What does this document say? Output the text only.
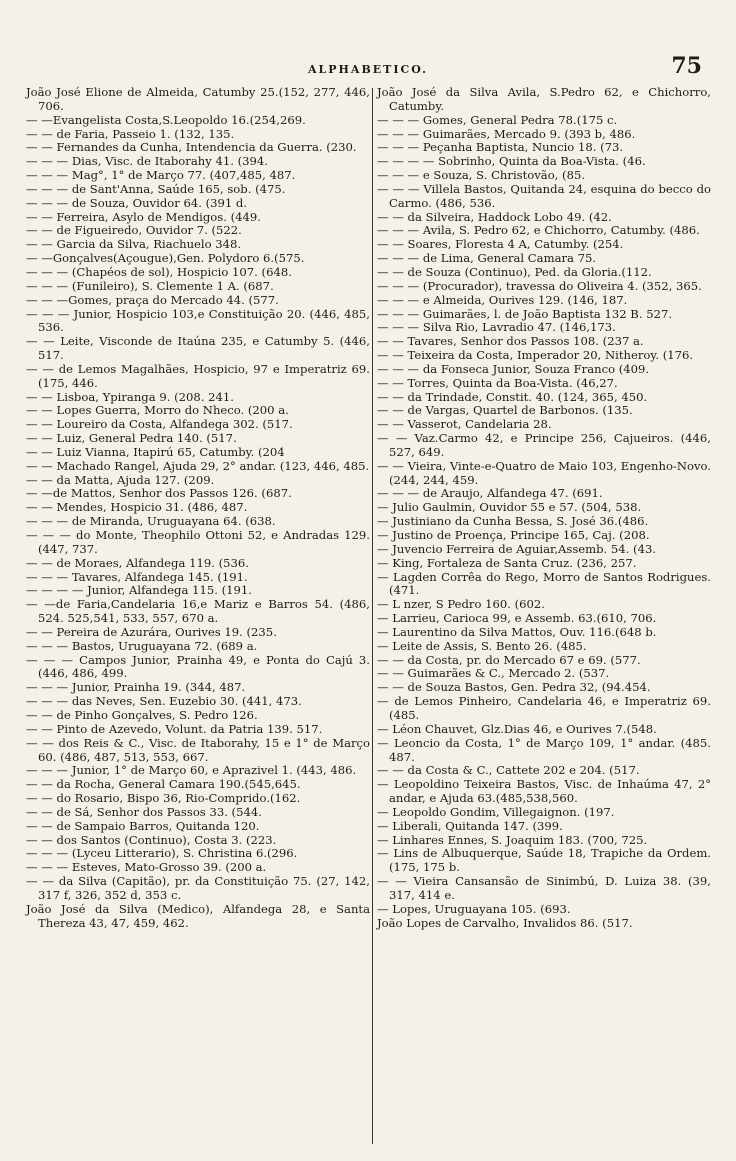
ALPHABETICO.	75
João José Elione de Almeida, Catumby 25.(152, 277, 446, 706.
— —Evangelista Costa,S.Leopoldo 16.(254,269.
— — de Faria, Passeio 1. (132, 135.
— — Fernandes da Cunha, Intendencia da Guerra. (230.
— — — Dias, Visc. de Itaborahy 41. (394.
— — — Mag°, 1° de Março 77. (407,485, 487.
— — — de Sant'Anna, Saúde 165, sob. (475.
— — — de Souza, Ouvidor 64. (391 d.
— — Ferreira, Asylo de Mendigos. (449.
— — de Figueiredo, Ouvidor 7. (522.
— — Garcia da Silva, Riachuelo 348.
— —Gonçalves(Açougue),Gen. Polydoro 6.(575.
— — — (Chapéos de sol), Hospicio 107. (648.
— — — (Funileiro), S. Clemente 1 A. (687.
— — —Gomes, praça do Mercado 44. (577.
— — — Junior, Hospicio 103,e Constituição 20. (446, 485, 536.
— — Leite, Visconde de Itaúna 235, e Catumby 5. (446, 517.
— — de Lemos Magalhães, Hospicio, 97 e Imperatriz 69. (175, 446.
— — Lisboa, Ypiranga 9. (208. 241.
— — Lopes Guerra, Morro do Nheco. (200 a.
— — Loureiro da Costa, Alfandega 302. (517.
— — Luiz, General Pedra 140. (517.
— — Luiz Vianna, Itapirú 65, Catumby. (204
— — Machado Rangel, Ajuda 29, 2° andar. (123, 446, 485.
— — da Matta, Ajuda 127. (209.
— —de Mattos, Senhor dos Passos 126. (687.
— — Mendes, Hospicio 31. (486, 487.
— — — de Miranda, Uruguayana 64. (638.
— — — do Monte, Theophilo Ottoni 52, e Andradas 129. (447, 737.
— — de Moraes, Alfandega 119. (536.
— — — Tavares, Alfandega 145. (191.
— — — — Junior, Alfandega 115. (191.
— —de Faria,Candelaria 16,e Mariz e Barros 54. (486, 524. 525,541, 533, 557, 670 a.
— — Pereira de Azurára, Ourives 19. (235.
— — — Bastos, Uruguayana 72. (689 a.
— — — Campos Junior, Prainha 49, e Ponta do Cajú 3. (446, 486, 499.
— — — Junior, Prainha 19. (344, 487.
— — — das Neves, Sen. Euzebio 30. (441, 473.
— — de Pinho Gonçalves, S. Pedro 126.
— — Pinto de Azevedo, Volunt. da Patria 139. 517.
— — dos Reis & C., Visc. de Itaborahy, 15 e 1° de Março 60. (486, 487, 513, 553, 667.
— — — Junior, 1° de Março 60, e Aprazivel 1. (443, 486.
— — da Rocha, General Camara 190.(545,645.
— — do Rosario, Bispo 36, Rio-Comprido.(162.
— — de Sá, Senhor dos Passos 33. (544.
— — de Sampaio Barros, Quitanda 120.
— — dos Santos (Continuo), Costa 3. (223.
— — — (Lyceu Litterario), S. Christina 6.(296.
— — — Esteves, Mato-Grosso 39. (200 a.
— — da Silva (Capitão), pr. da Constituição 75. (27, 142, 317 f, 326, 352 d, 353 c.
João José da Silva (Medico), Alfandega 28, e Santa Thereza 43, 47, 459, 462.
João José da Silva Avila, S.Pedro 62, e Chichorro, Catumby.
— — — Gomes, General Pedra 78.(175 c.
— — — Guimarães, Mercado 9. (393 b, 486.
— — — Peçanha Baptista, Nuncio 18. (73.
— — — — Sobrinho, Quinta da Boa-Vista. (46.
— — — e Souza, S. Christovão, (85.
— — — Villela Bastos, Quitanda 24, esquina do becco do Carmo. (486, 536.
— — da Silveira, Haddock Lobo 49. (42.
— — — Avila, S. Pedro 62, e Chichorro, Catumby. (486.
— — Soares, Floresta 4 A, Catumby. (254.
— — — de Lima, General Camara 75.
— — de Souza (Continuo), Ped. da Gloria.(112.
— — — (Procurador), travessa do Oliveira 4. (352, 365.
— — — e Almeida, Ourives 129. (146, 187.
— — — Guimarães, l. de João Baptista 132 B. 527.
— — — Silva Rio, Lavradio 47. (146,173.
— — Tavares, Senhor dos Passos 108. (237 a.
— — Teixeira da Costa, Imperador 20, Nitheroy. (176.
— — — da Fonseca Junior, Souza Franco (409.
— — Torres, Quinta da Boa-Vista. (46,27.
— — da Trindade, Constit. 40. (124, 365, 450.
— — de Vargas, Quartel de Barbonos. (135.
— — Vasserot, Candelaria 28.
— — Vaz.Carmo 42, e Principe 256, Cajueiros. (446, 527, 649.
— — Vieira, Vinte-e-Quatro de Maio 103, Engenho-Novo. (244, 244, 459.
— — — de Araujo, Alfandega 47. (691.
— Julio Gaulmin, Ouvidor 55 e 57. (504, 538.
— Justiniano da Cunha Bessa, S. José 36.(486.
— Justino de Proença, Principe 165, Caj. (208.
— Juvencio Ferreira de Aguiar,Assemb. 54. (43.
— King, Fortaleza de Santa Cruz. (236, 257.
— Lagden Corrêa do Rego, Morro de Santos Rodrigues. (471.
— L nzer, S Pedro 160. (602.
— Larrieu, Carioca 99, e Assemb. 63.(610, 706.
— Laurentino da Silva Mattos, Ouv. 116.(648 b.
— Leite de Assis, S. Bento 26. (485.
— — da Costa, pr. do Mercado 67 e 69. (577.
— — Guimarães & C., Mercado 2. (537.
— — de Souza Bastos, Gen. Pedra 32, (94.454.
— de Lemos Pinheiro, Candelaria 46, e Imperatriz 69. (485.
— Léon Chauvet, Glz.Dias 46, e Ourives 7.(548.
— Leoncio da Costa, 1° de Março 109, 1° andar. (485. 487.
— — da Costa & C., Cattete 202 e 204. (517.
— Leopoldino Teixeira Bastos, Visc. de Inhaúma 47, 2° andar, e Ajuda 63.(485,538,560.
— Leopoldo Gondim, Villegaignon. (197.
— Liberali, Quitanda 147. (399.
— Linhares Ennes, S. Joaquim 183. (700, 725.
— Lins de Albuquerque, Saúde 18, Trapiche da Ordem. (175, 175 b.
— — Vieira Cansansão de Sinimbú, D. Luiza 38. (39, 317, 414 e.
— Lopes, Uruguayana 105. (693.
João Lopes de Carvalho, Invalidos 86. (517.
